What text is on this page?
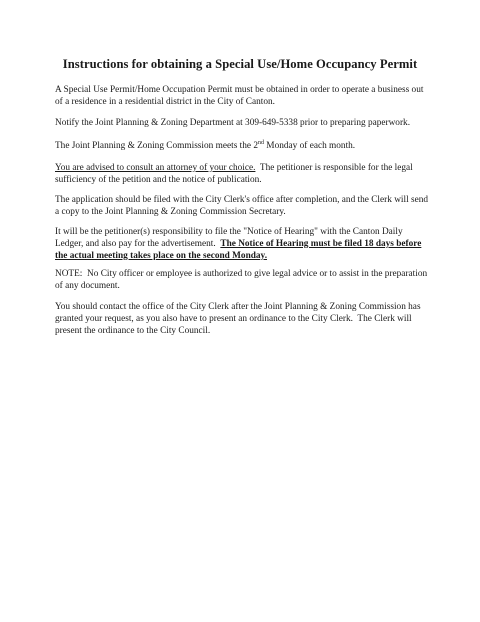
Instructions for obtaining a Special Use/Home Occupancy Permit
A Special Use Permit/Home Occupation Permit must be obtained in order to operate a business out of a residence in a residential district in the City of Canton.
Notify the Joint Planning & Zoning Department at 309-649-5338 prior to preparing paperwork.
The Joint Planning & Zoning Commission meets the 2nd Monday of each month.
You are advised to consult an attorney of your choice.  The petitioner is responsible for the legal sufficiency of the petition and the notice of publication.
The application should be filed with the City Clerk's office after completion, and the Clerk will send a copy to the Joint Planning & Zoning Commission Secretary.
It will be the petitioner(s) responsibility to file the "Notice of Hearing" with the Canton Daily Ledger, and also pay for the advertisement.  The Notice of Hearing must be filed 18 days before the actual meeting takes place on the second Monday.
NOTE:  No City officer or employee is authorized to give legal advice or to assist in the preparation of any document.
You should contact the office of the City Clerk after the Joint Planning & Zoning Commission has granted your request, as you also have to present an ordinance to the City Clerk.  The Clerk will present the ordinance to the City Council.
